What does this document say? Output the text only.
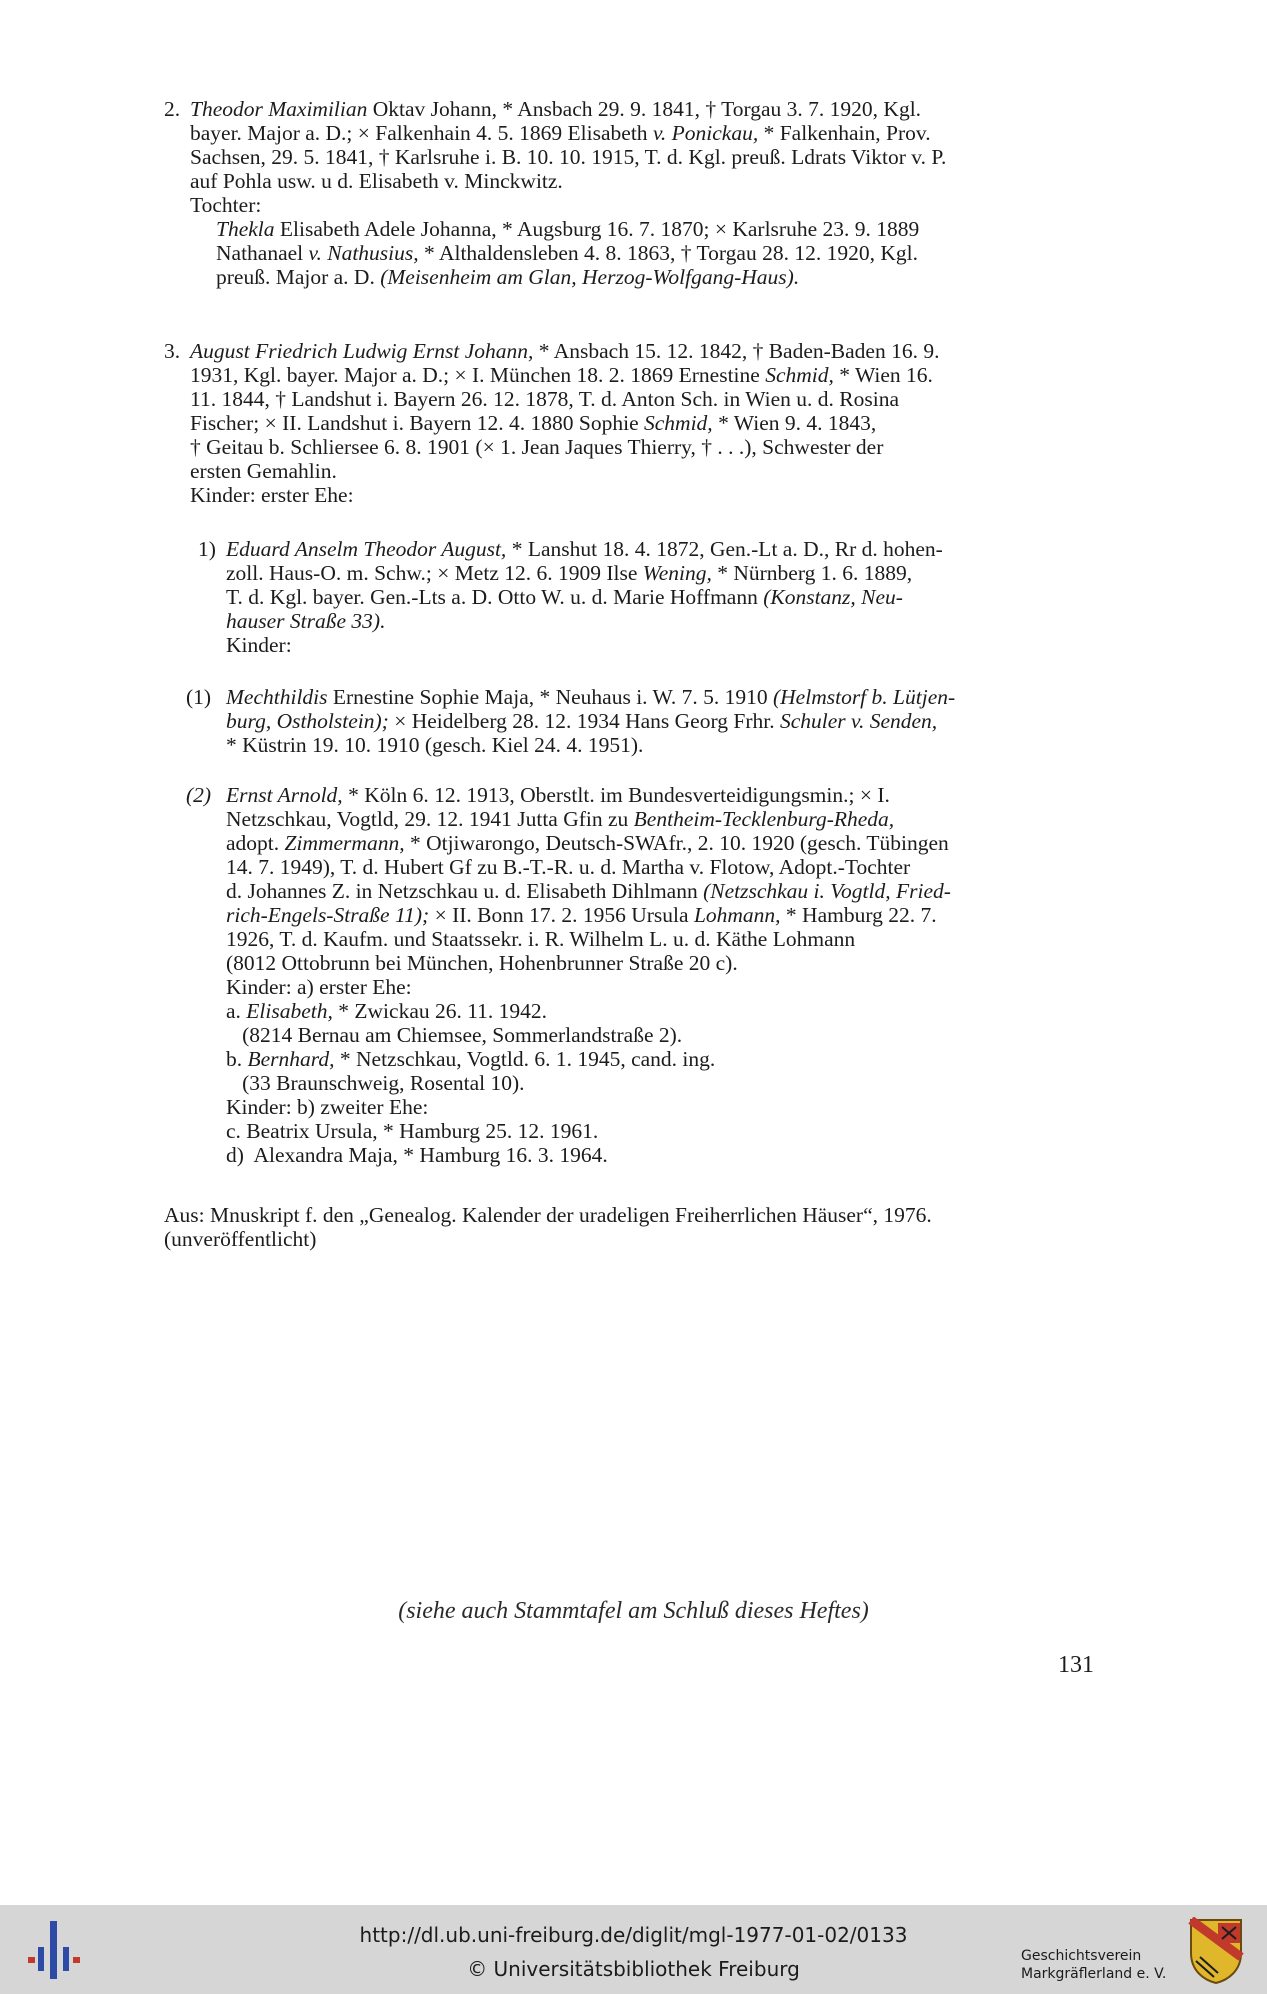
2. Theodor Maximilian Oktav Johann, * Ansbach 29. 9. 1841, † Torgau 3. 7. 1920, Kgl.
bayer. Major a. D.; × Falkenhain 4. 5. 1869 Elisabeth v. Ponickau, * Falkenhain, Prov.
Sachsen, 29. 5. 1841, † Karlsruhe i. B. 10. 10. 1915, T. d. Kgl. preuß. Ldrats Viktor v. P.
auf Pohla usw. u d. Elisabeth v. Minckwitz.
Tochter:
Thekla Elisabeth Adele Johanna, * Augsburg 16. 7. 1870; × Karlsruhe 23. 9. 1889
Nathanael v. Nathusius, * Althaldensleben 4. 8. 1863, † Torgau 28. 12. 1920, Kgl.
preuß. Major a. D. (Meisenheim am Glan, Herzog-Wolfgang-Haus).
3. August Friedrich Ludwig Ernst Johann, * Ansbach 15. 12. 1842, † Baden-Baden 16. 9.
1931, Kgl. bayer. Major a. D.; × I. München 18. 2. 1869 Ernestine Schmid, * Wien 16.
11. 1844, † Landshut i. Bayern 26. 12. 1878, T. d. Anton Sch. in Wien u. d. Rosina
Fischer; × II. Landshut i. Bayern 12. 4. 1880 Sophie Schmid, * Wien 9. 4. 1843,
† Geitau b. Schliersee 6. 8. 1901 (× 1. Jean Jaques Thierry, † . . .), Schwester der
ersten Gemahlin.
Kinder: erster Ehe:
1) Eduard Anselm Theodor August, * Lanshut 18. 4. 1872, Gen.-Lt a. D., Rr d. hohen-
zoll. Haus-O. m. Schw.; × Metz 12. 6. 1909 Ilse Wening, * Nürnberg 1. 6. 1889,
T. d. Kgl. bayer. Gen.-Lts a. D. Otto W. u. d. Marie Hoffmann (Konstanz, Neu-
hauser Straße 33).
Kinder:
(1) Mechthildis Ernestine Sophie Maja, * Neuhaus i. W. 7. 5. 1910 (Helmstorf b. Lütjen-
burg, Ostholstein); × Heidelberg 28. 12. 1934 Hans Georg Frhr. Schuler v. Senden,
* Küstrin 19. 10. 1910 (gesch. Kiel 24. 4. 1951).
(2) Ernst Arnold, * Köln 6. 12. 1913, Oberstlt. im Bundesverteidigungsmin.; × I.
Netzschkau, Vogtld, 29. 12. 1941 Jutta Gfin zu Bentheim-Tecklenburg-Rheda,
adopt. Zimmermann, * Otjiwarongo, Deutsch-SWAfr., 2. 10. 1920 (gesch. Tübingen
14. 7. 1949), T. d. Hubert Gf zu B.-T.-R. u. d. Martha v. Flotow, Adopt.-Tochter
d. Johannes Z. in Netzschkau u. d. Elisabeth Dihlmann (Netzschkau i. Vogtld, Fried-
rich-Engels-Straße 11); × II. Bonn 17. 2. 1956 Ursula Lohmann, * Hamburg 22. 7.
1926, T. d. Kaufm. und Staatssekr. i. R. Wilhelm L. u. d. Käthe Lohmann
(8012 Ottobrunn bei München, Hohenbrunner Straße 20 c).
Kinder: a) erster Ehe:
a. Elisabeth, * Zwickau 26. 11. 1942.
(8214 Bernau am Chiemsee, Sommerlandstraße 2).
b. Bernhard, * Netzschkau, Vogtld. 6. 1. 1945, cand. ing.
(33 Braunschweig, Rosental 10).
Kinder: b) zweiter Ehe:
c. Beatrix Ursula, * Hamburg 25. 12. 1961.
d)  Alexandra Maja, * Hamburg 16. 3. 1964.
Aus: Mnuskript f. den „Genealog. Kalender der uradeligen Freiherrlichen Häuser“, 1976.
(unveröffentlicht)
(siehe auch Stammtafel am Schluß dieses Heftes)
131
http://dl.ub.uni-freiburg.de/diglit/mgl-1977-01-02/0133
© Universitätsbibliothek Freiburg
Geschichtsverein
Markgräflerland e. V.
